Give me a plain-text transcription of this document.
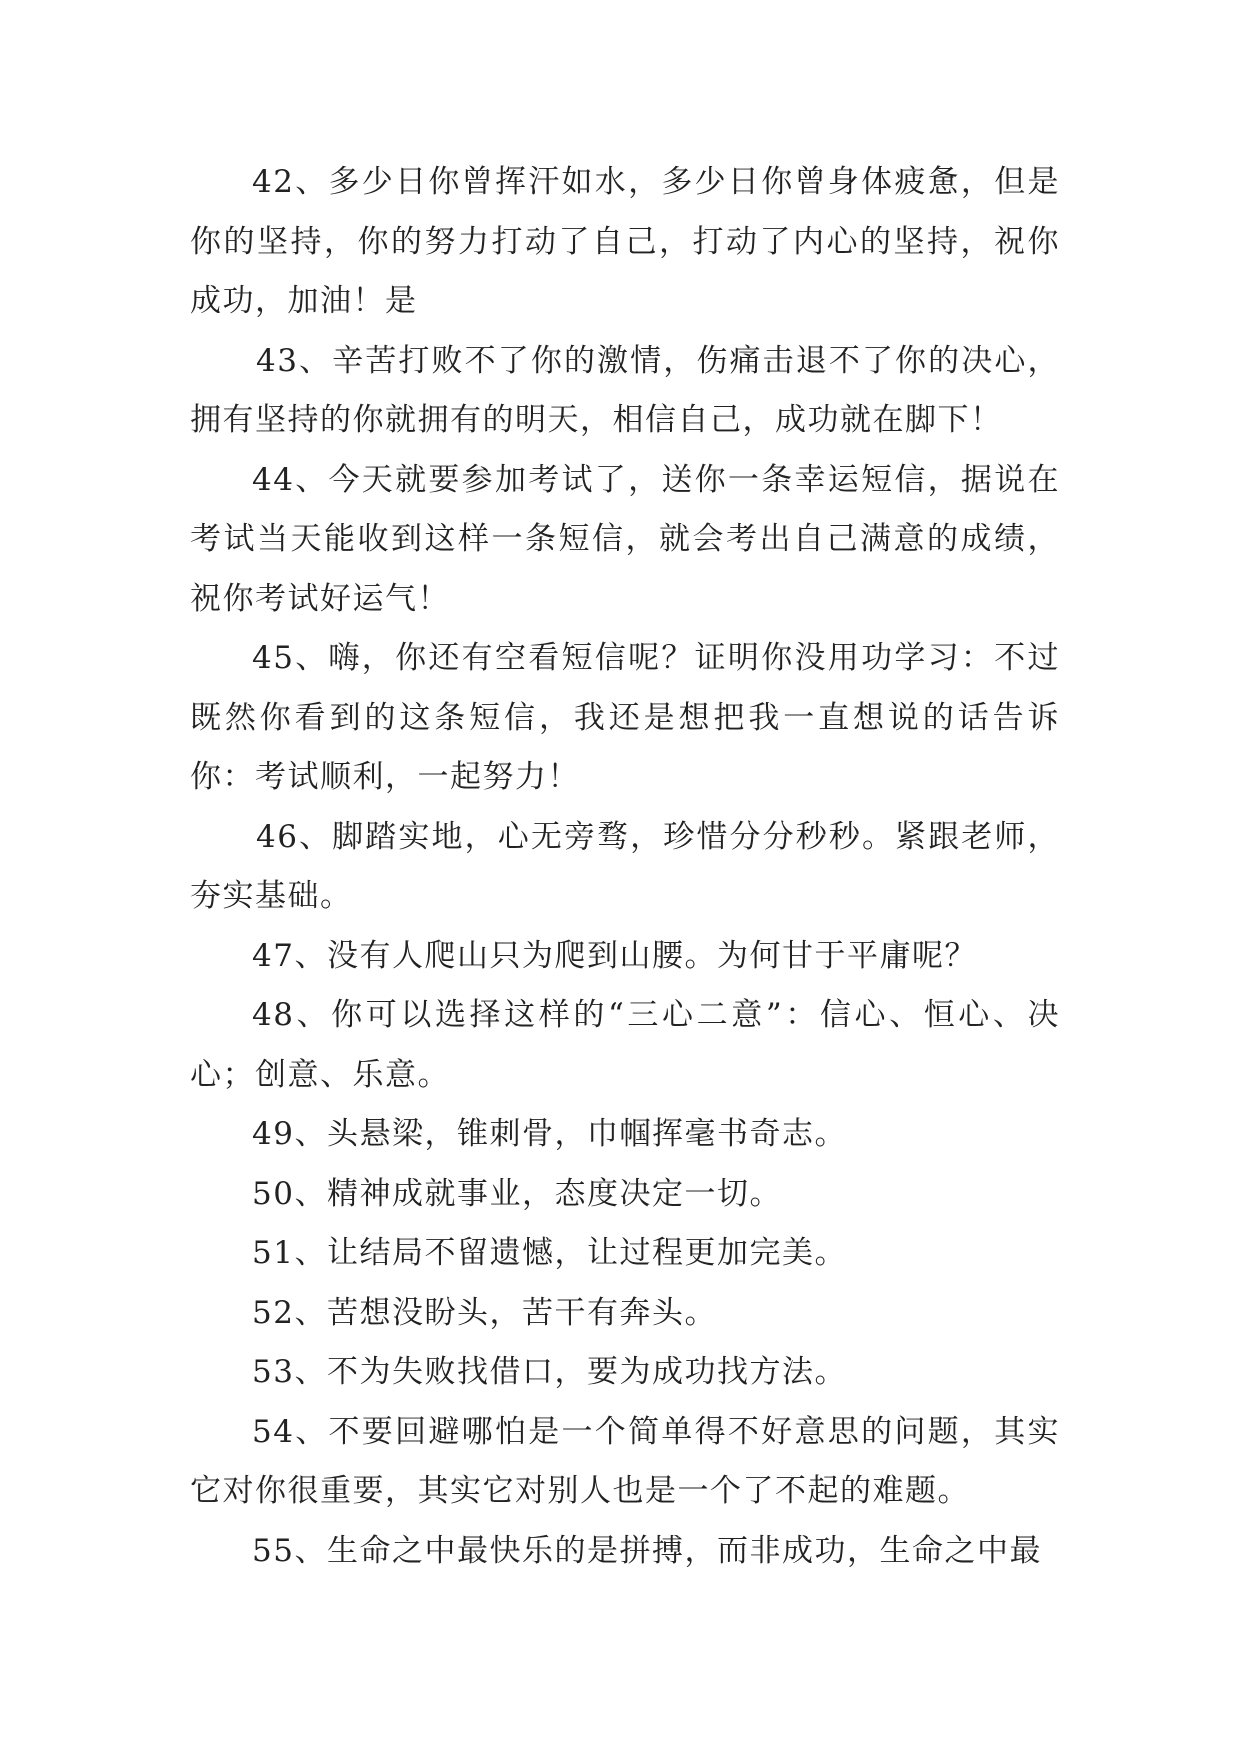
42、多少日你曾挥汗如水，多少日你曾身体疲惫，但是你的坚持，你的努力打动了自己，打动了内心的坚持，祝你成功，加油！是

43、辛苦打败不了你的激情，伤痛击退不了你的决心，拥有坚持的你就拥有的明天，相信自己，成功就在脚下！

44、今天就要参加考试了，送你一条幸运短信，据说在考试当天能收到这样一条短信，就会考出自己满意的成绩，祝你考试好运气！

45、嗨，你还有空看短信呢？证明你没用功学习：不过既然你看到的这条短信，我还是想把我一直想说的话告诉你：考试顺利，一起努力！

46、脚踏实地，心无旁骛，珍惜分分秒秒。紧跟老师，夯实基础。

47、没有人爬山只为爬到山腰。为何甘于平庸呢？

48、你可以选择这样的“三心二意”：信心、恒心、决心；创意、乐意。

49、头悬梁，锥刺骨，巾帼挥毫书奇志。

50、精神成就事业，态度决定一切。

51、让结局不留遗憾，让过程更加完美。

52、苦想没盼头，苦干有奔头。

53、不为失败找借口，要为成功找方法。

54、不要回避哪怕是一个简单得不好意思的问题，其实它对你很重要，其实它对别人也是一个了不起的难题。

55、生命之中最快乐的是拼搏，而非成功，生命之中最
